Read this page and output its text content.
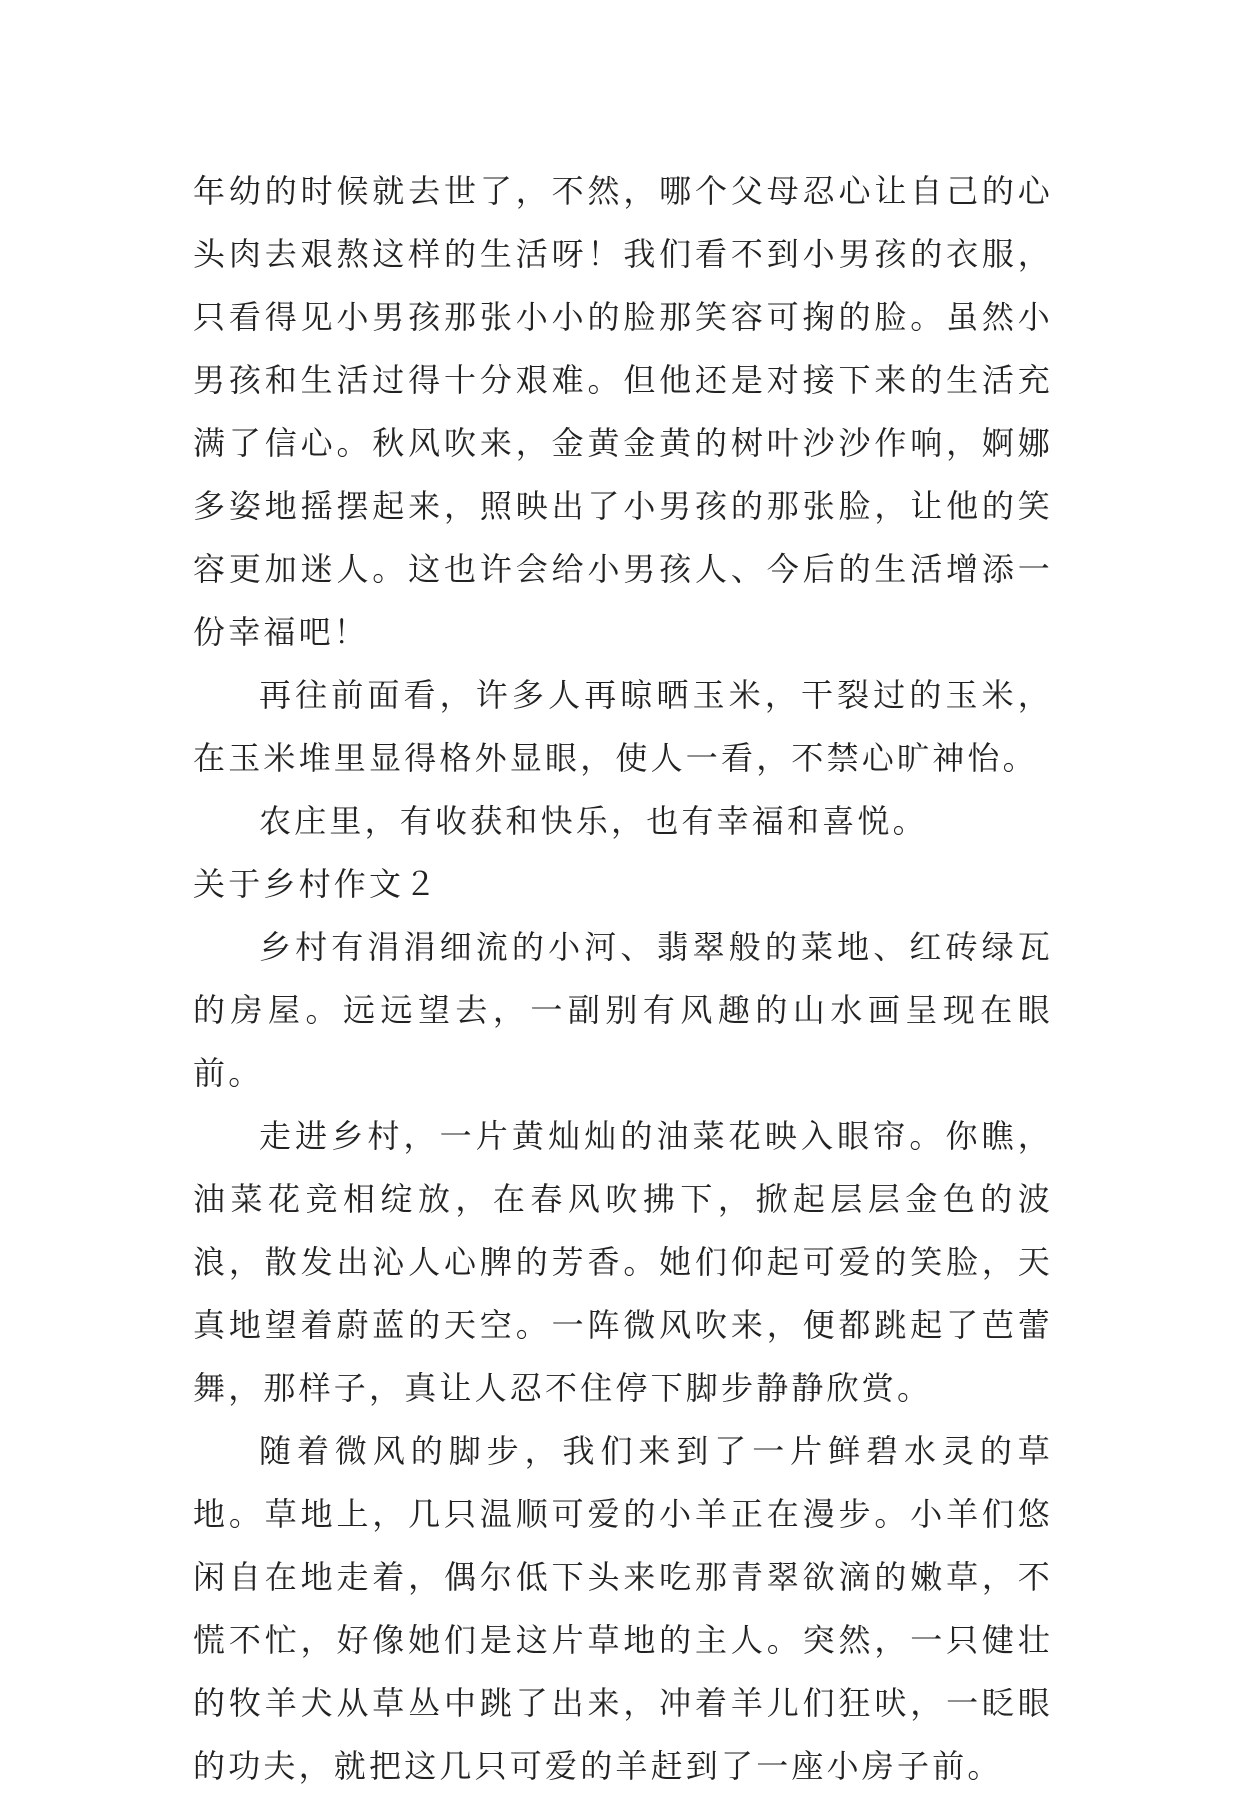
年幼的时候就去世了，不然，哪个父母忍心让自己的心头肉去艰熬这样的生活呀！我们看不到小男孩的衣服，只看得见小男孩那张小小的脸那笑容可掬的脸。虽然小男孩和生活过得十分艰难。但他还是对接下来的生活充满了信心。秋风吹来，金黄金黄的树叶沙沙作响，婀娜多姿地摇摆起来，照映出了小男孩的那张脸，让他的笑容更加迷人。这也许会给小男孩人、今后的生活增添一份幸福吧！

再往前面看，许多人再晾晒玉米，干裂过的玉米，在玉米堆里显得格外显眼，使人一看，不禁心旷神怡。

农庄里，有收获和快乐，也有幸福和喜悦。

关于乡村作文２

乡村有涓涓细流的小河、翡翠般的菜地、红砖绿瓦的房屋。远远望去，一副别有风趣的山水画呈现在眼前。

走进乡村，一片黄灿灿的油菜花映入眼帘。你瞧，油菜花竞相绽放，在春风吹拂下，掀起层层金色的波浪，散发出沁人心脾的芳香。她们仰起可爱的笑脸，天真地望着蔚蓝的天空。一阵微风吹来，便都跳起了芭蕾舞，那样子，真让人忍不住停下脚步静静欣赏。

随着微风的脚步，我们来到了一片鲜碧水灵的草地。草地上，几只温顺可爱的小羊正在漫步。小羊们悠闲自在地走着，偶尔低下头来吃那青翠欲滴的嫩草，不慌不忙，好像她们是这片草地的主人。突然，一只健壮的牧羊犬从草丛中跳了出来，冲着羊儿们狂吠，一眨眼的功夫，就把这几只可爱的羊赶到了一座小房子前。
